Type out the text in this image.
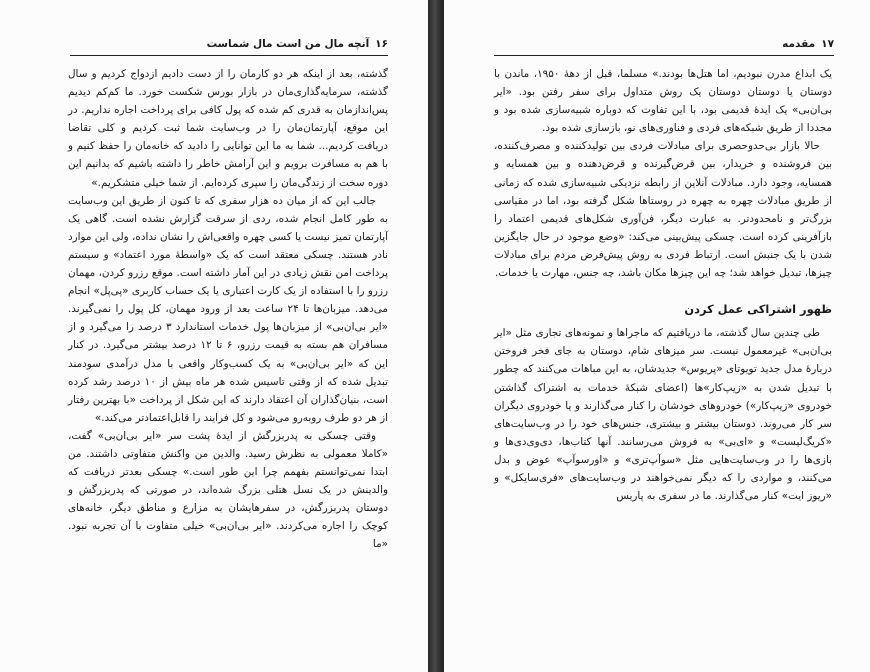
۱۶
آنچه مال من است مال شماست

گذشته، بعد از اینکه هر دو کارمان را از دست دادیم ازدواج کردیم و سال گذشته، سرمایه‌گذاری‌مان در بازار بورس شکست خورد. ما کم‌کم دیدیم پس‌اندازمان به قدری کم شده که پول کافی برای پرداخت اجاره نداریم. در این موقع، آپارتمان‌مان را در وب‌سایت شما ثبت کردیم و کلی تقاضا دریافت کردیم... شما به ما این توانایی را دادید که خانه‌مان را حفظ کنیم و با هم به مسافرت برویم و این آرامش خاطر را داشته باشیم که بدانیم این دوره سخت از زندگی‌مان را سپری کرده‌ایم. از شما خیلی متشکریم.»

جالب این که از میان ده هزار سفری که تا کنون از طریق این وب‌سایت به طور کامل انجام شده، ردی از سرقت گزارش نشده است. گاهی یک آپارتمان تمیز نیست یا کسی چهره واقعی‌اش را نشان نداده، ولی این موارد نادر هستند. چسکی معتقد است که یک «واسطهٔ مورد اعتماد» و سیستم پرداخت امن نقش زیادی در این آمار داشته است. موقع رزرو کردن، مهمان رزرو را با استفاده از یک کارت اعتباری یا یک حساب کاربری «پی‌پل» انجام می‌دهد. میزبان‌ها تا ۲۴ ساعت بعد از ورود مهمان، کل پول را نمی‌گیرند. «ایر بی‌ان‌بی» از میزبان‌ها پول خدمات استاندارد ۳ درصد را می‌گیرد و از مسافران هم بسته به قیمت رزرو، ۶ تا ۱۲ درصد بیشتر می‌گیرد. در کنار این که «ایر بی‌ان‌بی» به یک کسب‌وکار واقعی با مدل درآمدی سودمند تبدیل شده که از وقتی تاسیس شده هر ماه بیش از ۱۰ درصد رشد کرده است، بنیان‌گذاران آن اعتقاد دارند که این شکل از پرداخت «با بهترین رفتار از هر دو طرف روبه‌رو می‌شود و کل فرایند را قابل‌اعتمادتر می‌کند.»

وقتی چسکی به پدربزرگش از ایدهٔ پشت سر «ایر بی‌ان‌بی» گفت، «کاملا معمولی به نظرش رسید. والدین من واکنش متفاوتی داشتند. من ابتدا نمی‌توانستم بفهمم چرا این طور است.» چسکی بعدتر دریافت که والدینش در یک نسل هتلی بزرگ شده‌اند، در صورتی که پدربزرگش و دوستان پدربزرگش، در سفرهایشان به مزارع و مناطق دیگر، خانه‌های کوچک را اجاره می‌کردند. «ایر بی‌ان‌بی» خیلی متفاوت با آن تجربه نبود. «ما

۱۷
مقدمه

یک ابداع مدرن نبودیم، اما هتل‌ها بودند.» مسلما، قبل از دههٔ ۱۹۵۰، ماندن با دوستان یا دوستان دوستان یک روش متداول برای سفر رفتن بود. «ایر بی‌ان‌بی» یک ایدهٔ قدیمی بود، با این تفاوت که دوباره شبیه‌سازی شده بود و مجددا از طریق شبکه‌های فردی و فناوری‌های نو، بازسازی شده بود.

حالا بازار بی‌حدوحصری برای مبادلات فردی بین تولیدکننده و مصرف‌کننده، بین فروشنده و خریدار، بین قرض‌گیرنده و قرض‌دهنده و بین همسایه و همسایه، وجود دارد. مبادلات آنلاین از رابطه نزدیکی شبیه‌سازی شده که زمانی از طریق مبادلات چهره به چهره در روستاها شکل گرفته بود، اما در مقیاسی بزرگ‌تر و نامحدودتر. به عبارت دیگر، فن‌آوری شکل‌های قدیمی اعتماد را بازآفرینی کرده است. چسکی پیش‌بینی می‌کند: «وضع موجود در حال جایگزین شدن با یک جنبش است. ارتباط فردی به روش پیش‌فرض مردم برای مبادلات چیزها، تبدیل خواهد شد؛ چه این چیزها مکان باشد، چه جنس، مهارت یا خدمات.

ظهور اشتراکی عمل کردن

طی چندین سال گذشته، ما دریافتیم که ماجراها و نمونه‌های تجاری مثل «ایر بی‌ان‌بی» غیرمعمول نیست. سر میزهای شام، دوستان به جای فخر فروختن دربارهٔ مدل جدید تویوتای «پریوس» جدیدشان، به این مباهات می‌کنند که چطور با تبدیل شدن به «زیپ‌کار»ها (اعضای شبکهٔ خدمات به اشتراک گذاشتن خودروی «زیپ‌کار») خودروهای خودشان را کنار می‌گذارند و یا خودروی دیگران سر کار می‌روند. دوستان بیشتر و بیشتری، جنس‌های خود را در وب‌سایت‌های «کریگ‌لیست» و «ای‌بی» به فروش می‌رسانند. آنها کتاب‌ها، دی‌وی‌دی‌ها و بازی‌ها را در وب‌سایت‌هایی مثل «سوآپ‌تری» و «اورسوآپ» عوض و بدل می‌کنند، و مواردی را که دیگر نمی‌خواهند در وب‌سایت‌های «فری‌سایکل» و «ریوز ایت» کنار می‌گذارند. ما در سفری به پاریس
